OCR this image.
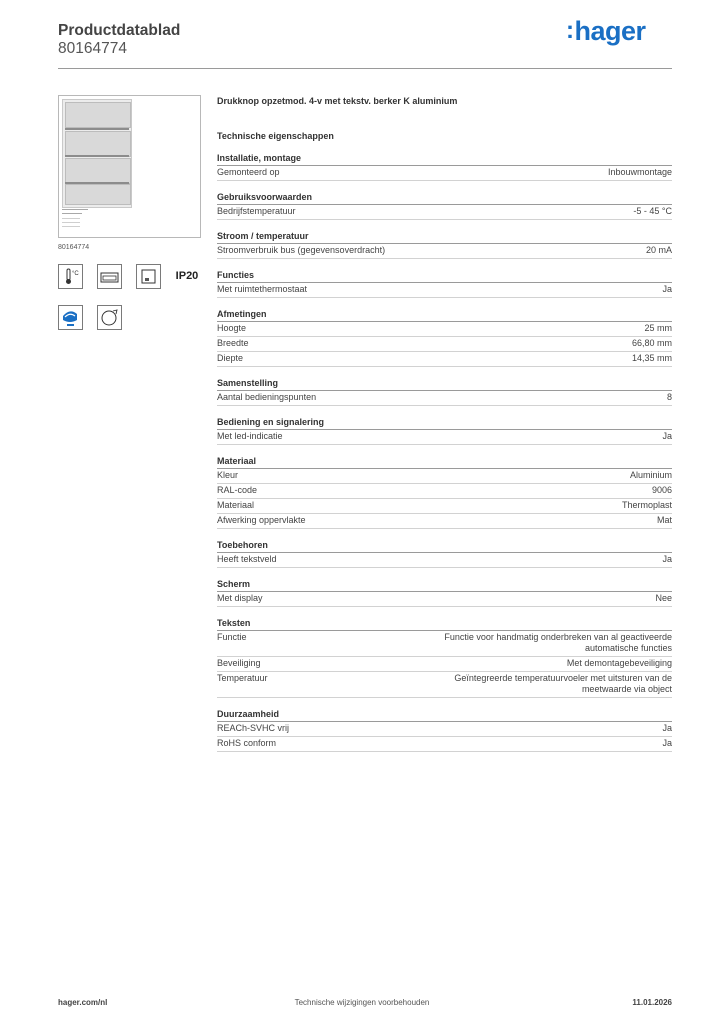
Productdatablad
80164774
:hager
80164774
°C	IP20
Drukknop opzetmod. 4-v met tekstv. berker K aluminium
Technische eigenschappen
Installatie, montage
Gemonteerd op	Inbouwmontage
Gebruiksvoorwaarden
Bedrijfstemperatuur	-5 - 45 °C
Stroom / temperatuur
Stroomverbruik bus (gegevensoverdracht)	20 mA
Functies
Met ruimtethermostaat	Ja
Afmetingen
Hoogte	25 mm
Breedte	66,80 mm
Diepte	14,35 mm
Samenstelling
Aantal bedieningspunten	8
Bediening en signalering
Met led-indicatie	Ja
Materiaal
Kleur	Aluminium
RAL-code	9006
Materiaal	Thermoplast
Afwerking oppervlakte	Mat
Toebehoren
Heeft tekstveld	Ja
Scherm
Met display	Nee
Teksten
Functie	Functie voor handmatig onderbreken van al geactiveerde automatische functies
Beveiliging	Met demontagebeveiliging
Temperatuur	Geïntegreerde temperatuurvoeler met uitsturen van de meetwaarde via object
Duurzaamheid
REACh-SVHC vrij	Ja
RoHS conform	Ja
hager.com/nl	Technische wijzigingen voorbehouden	11.01.2026
